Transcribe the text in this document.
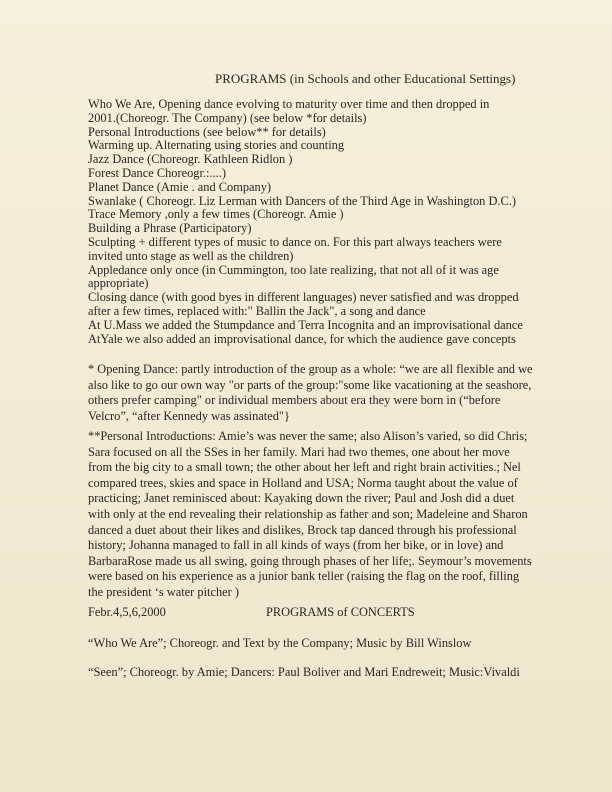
PROGRAMS (in Schools and other Educational Settings)
Who We Are, Opening dance evolving to maturity over time and then dropped in
2001.(Choreogr. The Company) (see below *for details)
Personal Introductions (see below** for details)
Warming up. Alternating using stories and counting
Jazz Dance (Choreogr. Kathleen Ridlon )
Forest Dance Choreogr.:....)
Planet Dance (Amie . and Company)
Swanlake ( Choreogr. Liz Lerman with Dancers of the Third Age in Washington D.C.)
Trace Memory ,only a few times (Choreogr. Amie )
Building a Phrase (Participatory)
Sculpting + different types of music to dance on. For this part always teachers were
invited unto stage as well as the children)
Appledance only once (in Cummington, too late realizing, that not all of it was age
appropriate)
Closing dance (with good byes in different languages) never satisfied and was dropped
after a few times, replaced with:" Ballin the Jack", a song and dance
At U.Mass we added the Stumpdance and Terra Incognita and an improvisational dance
AtYale we also added an improvisational dance, for which the audience gave concepts
* Opening Dance: partly introduction of the group as a whole: “we are all flexible and we also like to go our own way "or parts of the group:"some like vacationing at the seashore, others prefer camping" or individual members about era they were born in (“before Velcro”, “after Kennedy was assinated"}
**Personal Introductions: Amie’s was never the same; also Alison’s varied, so did Chris; Sara focused on all the SSes in her family. Mari had two themes, one about her move from the big city to a small town; the other about her left and right brain activities.; Nel compared trees, skies and space in Holland and USA; Norma taught about the value of practicing; Janet reminisced about: Kayaking down the river; Paul and Josh did a duet with only at the end revealing their relationship as father and son; Madeleine and Sharon danced a duet about their likes and dislikes, Brock tap danced through his professional history; Johanna managed to fall in all kinds of ways (from her bike, or in love) and BarbaraRose made us all swing, going through phases of her life;. Seymour’s movements were based on his experience as a junior bank teller (raising the flag on the roof, filling the president ‘s water pitcher )
Febr.4,5,6,2000	PROGRAMS of CONCERTS
“Who We Are”; Choreogr. and Text by the Company; Music by Bill Winslow
“Seen”; Choreogr. by Amie; Dancers: Paul Boliver and Mari Endreweit; Music:Vivaldi
